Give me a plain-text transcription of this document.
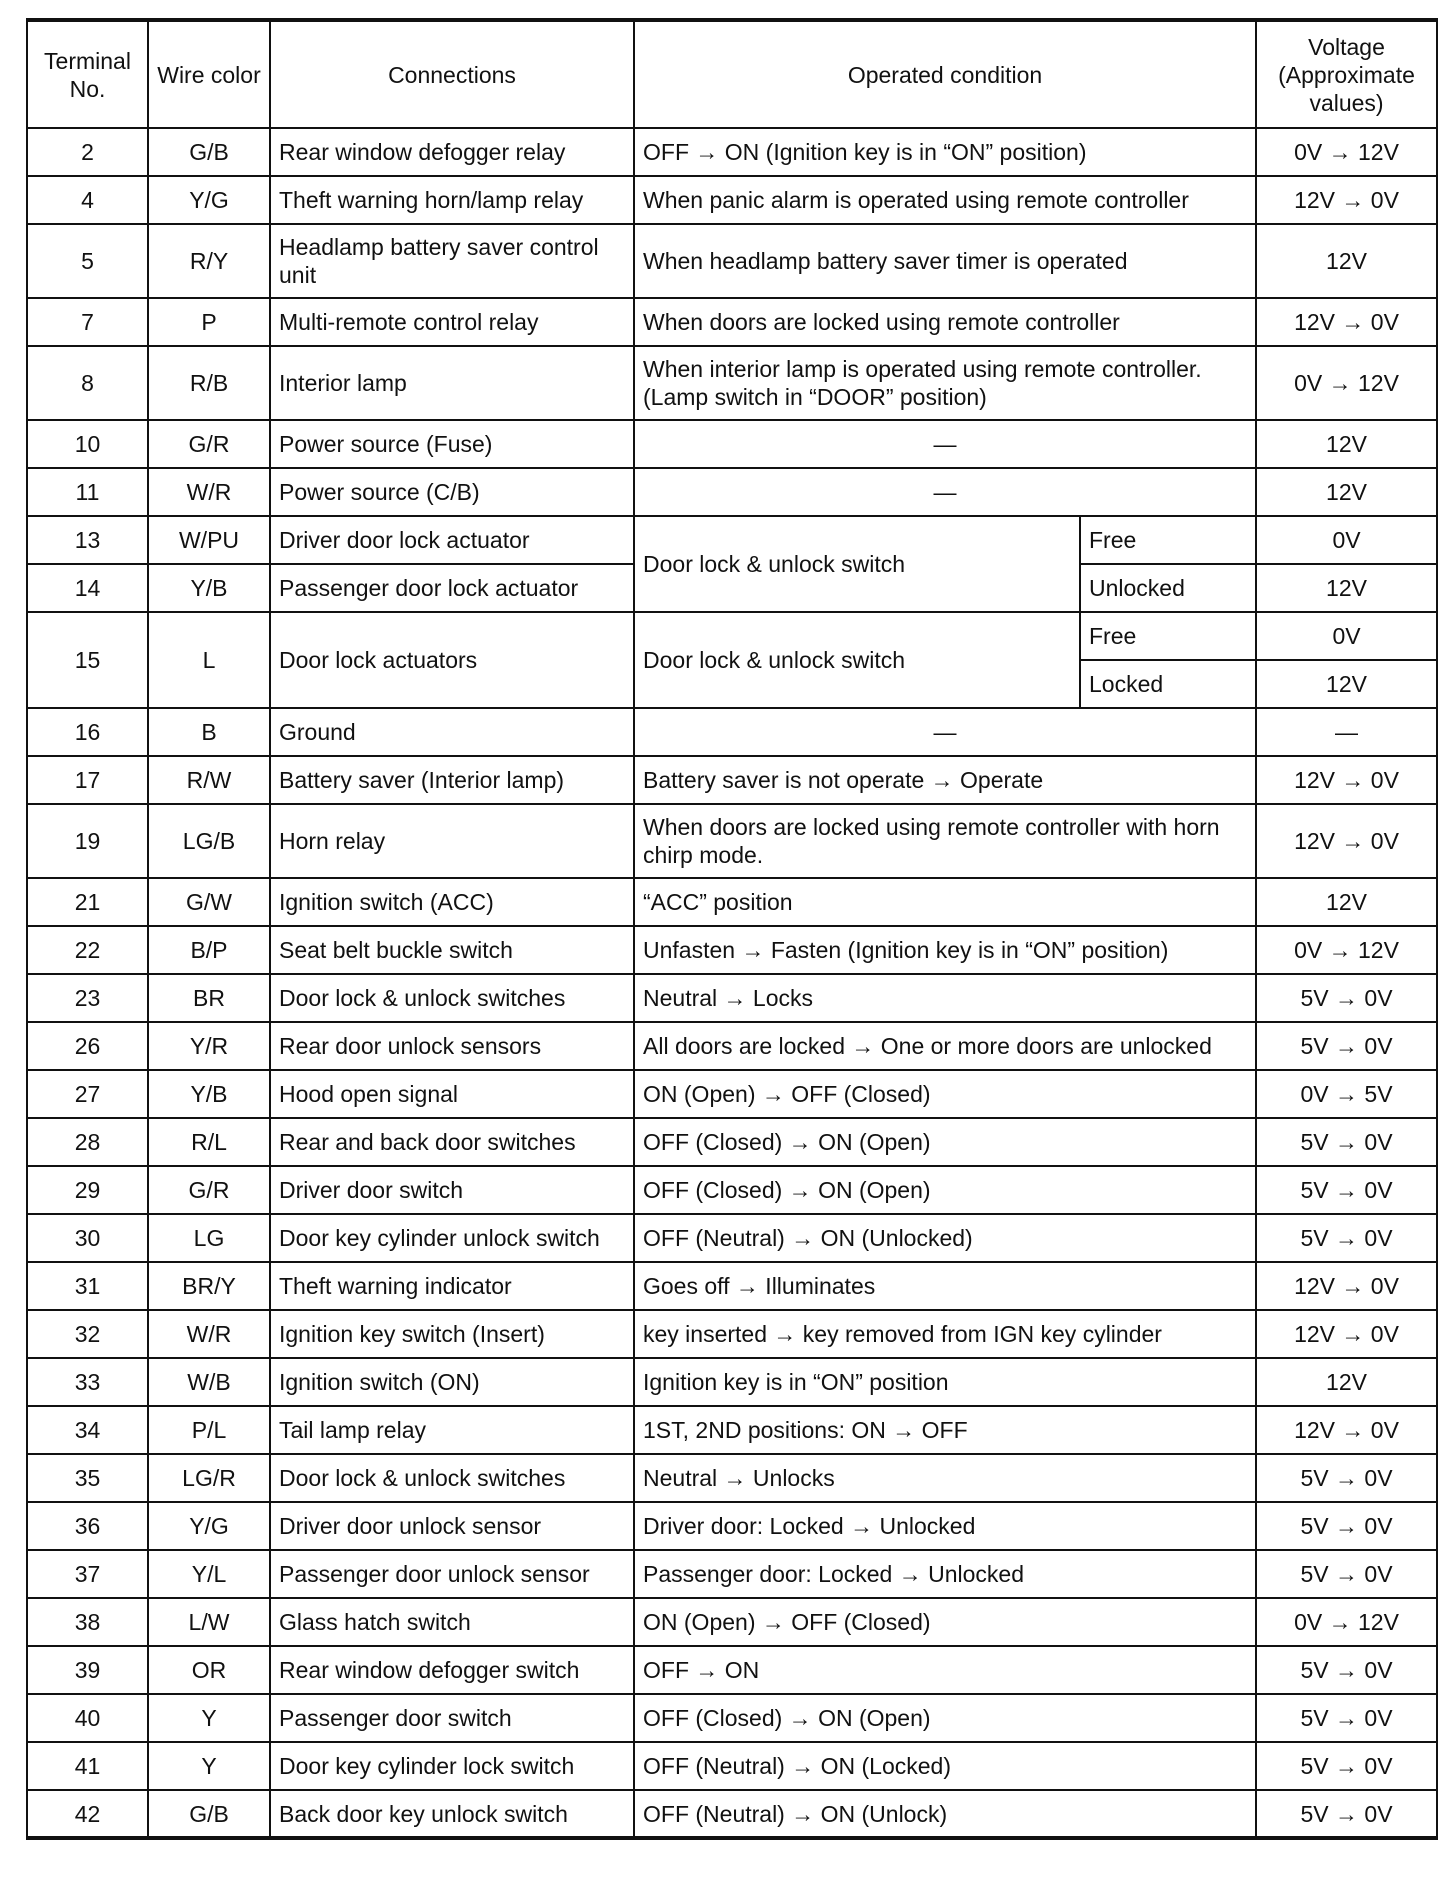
Terminal No.	Wire color	Connections	Operated condition		Voltage (Approximate values)
2	G/B	Rear window defogger relay	OFF → ON (Ignition key is in “ON” position)		0V → 12V
4	Y/G	Theft warning horn/lamp relay	When panic alarm is operated using remote controller		12V → 0V
5	R/Y	Headlamp battery saver control unit	When headlamp battery saver timer is operated		12V
7	P	Multi-remote control relay	When doors are locked using remote controller		12V → 0V
8	R/B	Interior lamp	When interior lamp is operated using remote controller. (Lamp switch in “DOOR” position)		0V → 12V
10	G/R	Power source (Fuse)	—		12V
11	W/R	Power source (C/B)	—		12V
13	W/PU	Driver door lock actuator	Door lock & unlock switch	Free	0V
14	Y/B	Passenger door lock actuator		Unlocked	12V
15	L	Door lock actuators	Door lock & unlock switch	Free	0V
				Locked	12V
16	B	Ground	—		—
17	R/W	Battery saver (Interior lamp)	Battery saver is not operate → Operate		12V → 0V
19	LG/B	Horn relay	When doors are locked using remote controller with horn chirp mode.		12V → 0V
21	G/W	Ignition switch (ACC)	“ACC” position		12V
22	B/P	Seat belt buckle switch	Unfasten → Fasten (Ignition key is in “ON” position)		0V → 12V
23	BR	Door lock & unlock switches	Neutral → Locks		5V → 0V
26	Y/R	Rear door unlock sensors	All doors are locked → One or more doors are unlocked		5V → 0V
27	Y/B	Hood open signal	ON (Open) → OFF (Closed)		0V → 5V
28	R/L	Rear and back door switches	OFF (Closed) → ON (Open)		5V → 0V
29	G/R	Driver door switch	OFF (Closed) → ON (Open)		5V → 0V
30	LG	Door key cylinder unlock switch	OFF (Neutral) → ON (Unlocked)		5V → 0V
31	BR/Y	Theft warning indicator	Goes off → Illuminates		12V → 0V
32	W/R	Ignition key switch (Insert)	key inserted → key removed from IGN key cylinder		12V → 0V
33	W/B	Ignition switch (ON)	Ignition key is in “ON” position		12V
34	P/L	Tail lamp relay	1ST, 2ND positions: ON → OFF		12V → 0V
35	LG/R	Door lock & unlock switches	Neutral → Unlocks		5V → 0V
36	Y/G	Driver door unlock sensor	Driver door: Locked → Unlocked		5V → 0V
37	Y/L	Passenger door unlock sensor	Passenger door: Locked → Unlocked		5V → 0V
38	L/W	Glass hatch switch	ON (Open) → OFF (Closed)		0V → 12V
39	OR	Rear window defogger switch	OFF → ON		5V → 0V
40	Y	Passenger door switch	OFF (Closed) → ON (Open)		5V → 0V
41	Y	Door key cylinder lock switch	OFF (Neutral) → ON (Locked)		5V → 0V
42	G/B	Back door key unlock switch	OFF (Neutral) → ON (Unlock)		5V → 0V
